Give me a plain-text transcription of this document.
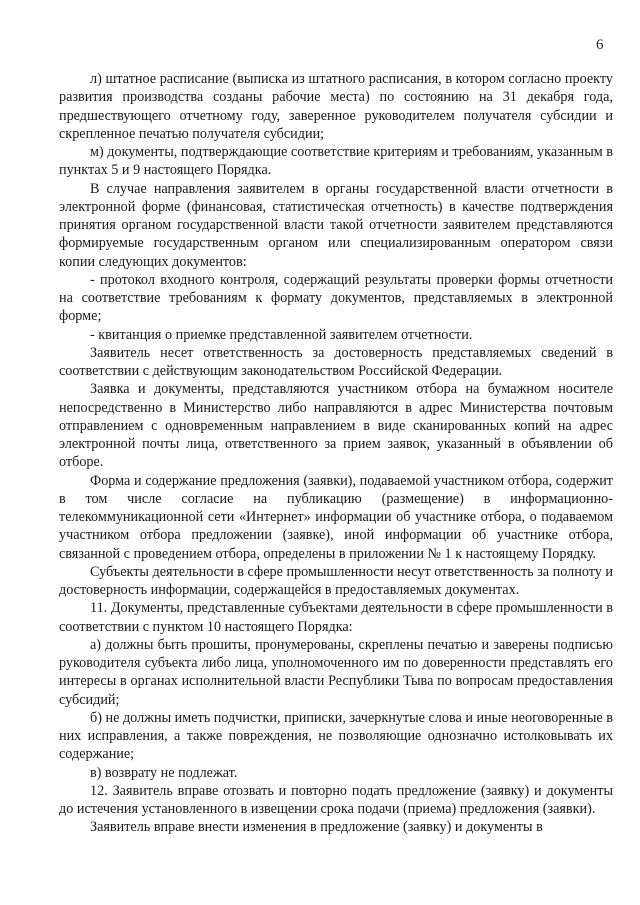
6

л) штатное расписание (выписка из штатного расписания, в котором согласно проекту развития производства созданы рабочие места) по состоянию на 31 декабря года, предшествующего отчетному году, заверенное руководителем получателя субсидии и скрепленное печатью получателя субсидии;

м) документы, подтверждающие соответствие критериям и требованиям, указанным в пунктах 5 и 9 настоящего Порядка.

В случае направления заявителем в органы государственной власти отчетности в электронной форме (финансовая, статистическая отчетность) в качестве подтверждения принятия органом государственной власти такой отчетности заявителем представляются формируемые государственным органом или специализированным оператором связи копии следующих документов:

- протокол входного контроля, содержащий результаты проверки формы отчетности на соответствие требованиям к формату документов, представляемых в электронной форме;

- квитанция о приемке представленной заявителем отчетности.

Заявитель несет ответственность за достоверность представляемых сведений в соответствии с действующим законодательством Российской Федерации.

Заявка и документы, представляются участником отбора на бумажном носителе непосредственно в Министерство либо направляются в адрес Министерства почтовым отправлением с одновременным направлением в виде сканированных копий на адрес электронной почты лица, ответственного за прием заявок, указанный в объявлении об отборе.

Форма и содержание предложения (заявки), подаваемой участником отбора, содержит в том числе согласие на публикацию (размещение) в информационно-телекоммуникационной сети «Интернет» информации об участнике отбора, о подаваемом участником отбора предложении (заявке), иной информации об участнике отбора, связанной с проведением отбора, определены в приложении № 1 к настоящему Порядку.

Субъекты деятельности в сфере промышленности несут ответственность за полноту и достоверность информации, содержащейся в предоставляемых документах.

11. Документы, представленные субъектами деятельности в сфере промышленности в соответствии с пунктом 10 настоящего Порядка:

а) должны быть прошиты, пронумерованы, скреплены печатью и заверены подписью руководителя субъекта либо лица, уполномоченного им по доверенности представлять его интересы в органах исполнительной власти Республики Тыва по вопросам предоставления субсидий;

б) не должны иметь подчистки, приписки, зачеркнутые слова и иные неоговоренные в них исправления, а также повреждения, не позволяющие однозначно истолковывать их содержание;

в) возврату не подлежат.

12. Заявитель вправе отозвать и повторно подать предложение (заявку) и документы до истечения установленного в извещении срока подачи (приема) предложения (заявки).

Заявитель вправе внести изменения в предложение (заявку) и документы в
